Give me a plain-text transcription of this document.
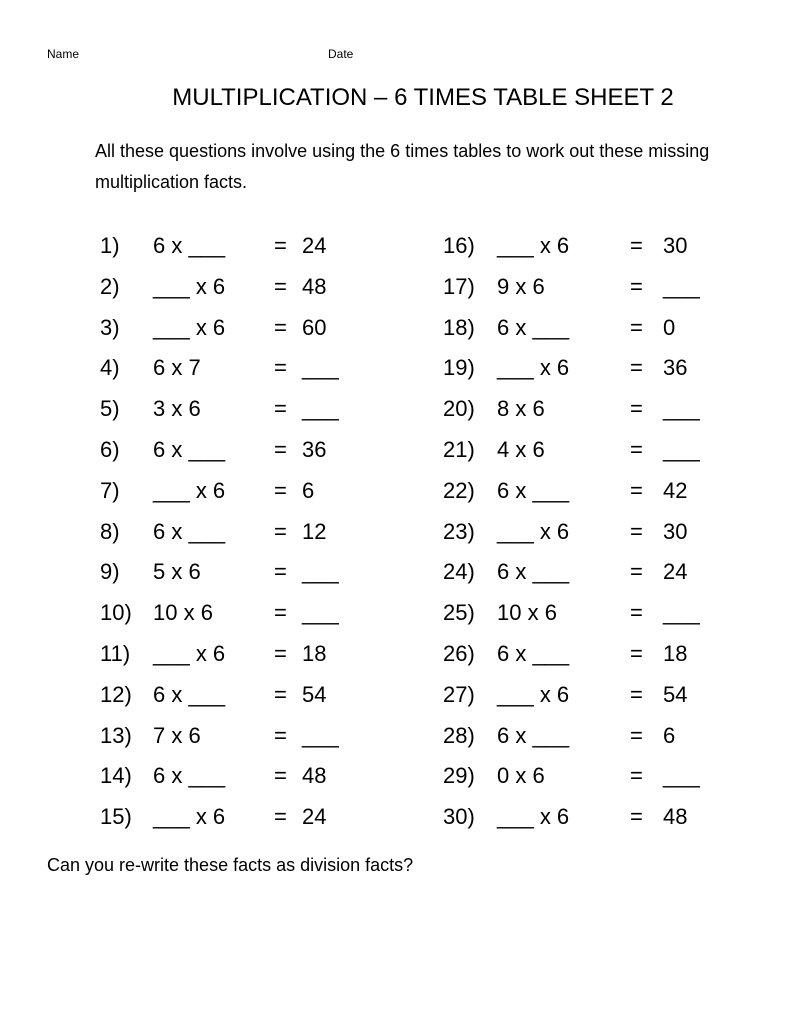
Name	Date
MULTIPLICATION – 6 TIMES TABLE SHEET 2
All these questions involve using the 6 times tables to work out these missing multiplication facts.
1) 6 x ___ = 24
2) ___ x 6 = 48
3) ___ x 6 = 60
4) 6 x 7	= ___
5) 3 x 6	= ___
6) 6 x ___ = 36
7) ___ x 6 = 6
8) 6 x ___ = 12
9) 5 x 6	= ___
10) 10 x 6	= ___
11) ___ x 6 = 18
12) 6 x ___ = 54
13) 7 x 6	= ___
14) 6 x ___ = 48
15) ___ x 6 = 24
16) ___ x 6	= 30
17) 9 x 6	= ___
18) 6 x ___	= 0
19) ___ x 6	= 36
20) 8 x 6	= ___
21) 4 x 6	= ___
22) 6 x ___	= 42
23) ___ x 6	= 30
24) 6 x ___	= 24
25) 10 x 6	= ___
26) 6 x ___	= 18
27) ___ x 6	= 54
28) 6 x ___	= 6
29) 0 x 6	= ___
30) ___ x 6	= 48
Can you re-write these facts as division facts?
